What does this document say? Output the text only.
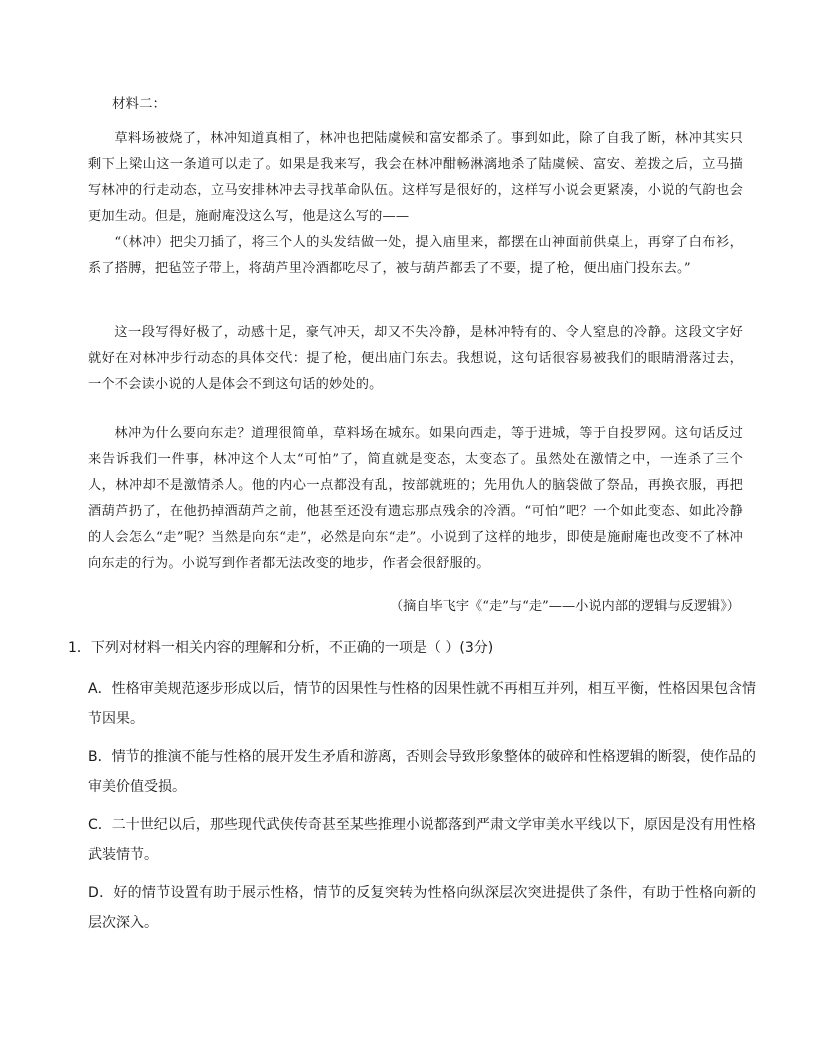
材料二：

草料场被烧了，林冲知道真相了，林冲也把陆虞候和富安都杀了。事到如此，除了自我了断，林冲其实只剩下上梁山这一条道可以走了。如果是我来写，我会在林冲酣畅淋漓地杀了陆虞候、富安、差拨之后，立马描写林冲的行走动态，立马安排林冲去寻找革命队伍。这样写是很好的，这样写小说会更紧凑，小说的气韵也会更加生动。但是，施耐庵没这么写，他是这么写的——

“（林冲）把尖刀插了，将三个人的头发结做一处，提入庙里来，都摆在山神面前供桌上，再穿了白布衫，系了搭膊，把毡笠子带上，将葫芦里冷酒都吃尽了，被与葫芦都丢了不要，提了枪，便出庙门投东去。”

这一段写得好极了，动感十足，豪气冲天，却又不失冷静，是林冲特有的、令人窒息的冷静。这段文字好就好在对林冲步行动态的具体交代：提了枪，便出庙门东去。我想说，这句话很容易被我们的眼睛滑落过去，一个不会读小说的人是体会不到这句话的妙处的。

林冲为什么要向东走？道理很简单，草料场在城东。如果向西走，等于进城，等于自投罗网。这句话反过来告诉我们一件事，林冲这个人太“可怕”了，简直就是变态，太变态了。虽然处在激情之中，一连杀了三个人，林冲却不是激情杀人。他的内心一点都没有乱，按部就班的；先用仇人的脑袋做了祭品，再换衣服，再把酒葫芦扔了，在他扔掉酒葫芦之前，他甚至还没有遗忘那点残余的冷酒。“可怕”吧？一个如此变态、如此冷静的人会怎么“走”呢？当然是向东“走”，必然是向东“走”。小说到了这样的地步，即使是施耐庵也改变不了林冲向东走的行为。小说写到作者都无法改变的地步，作者会很舒服的。

（摘自毕飞宇《“走”与“走”——小说内部的逻辑与反逻辑》）
1．下列对材料一相关内容的理解和分析，不正确的一项是（ ）(3分)

A．性格审美规范逐步形成以后，情节的因果性与性格的因果性就不再相互并列，相互平衡，性格因果包含情节因果。

B．情节的推演不能与性格的展开发生矛盾和游离，否则会导致形象整体的破碎和性格逻辑的断裂，使作品的审美价值受损。

C．二十世纪以后，那些现代武侠传奇甚至某些推理小说都落到严肃文学审美水平线以下，原因是没有用性格武装情节。

D．好的情节设置有助于展示性格，情节的反复突转为性格向纵深层次突进提供了条件，有助于性格向新的层次深入。
